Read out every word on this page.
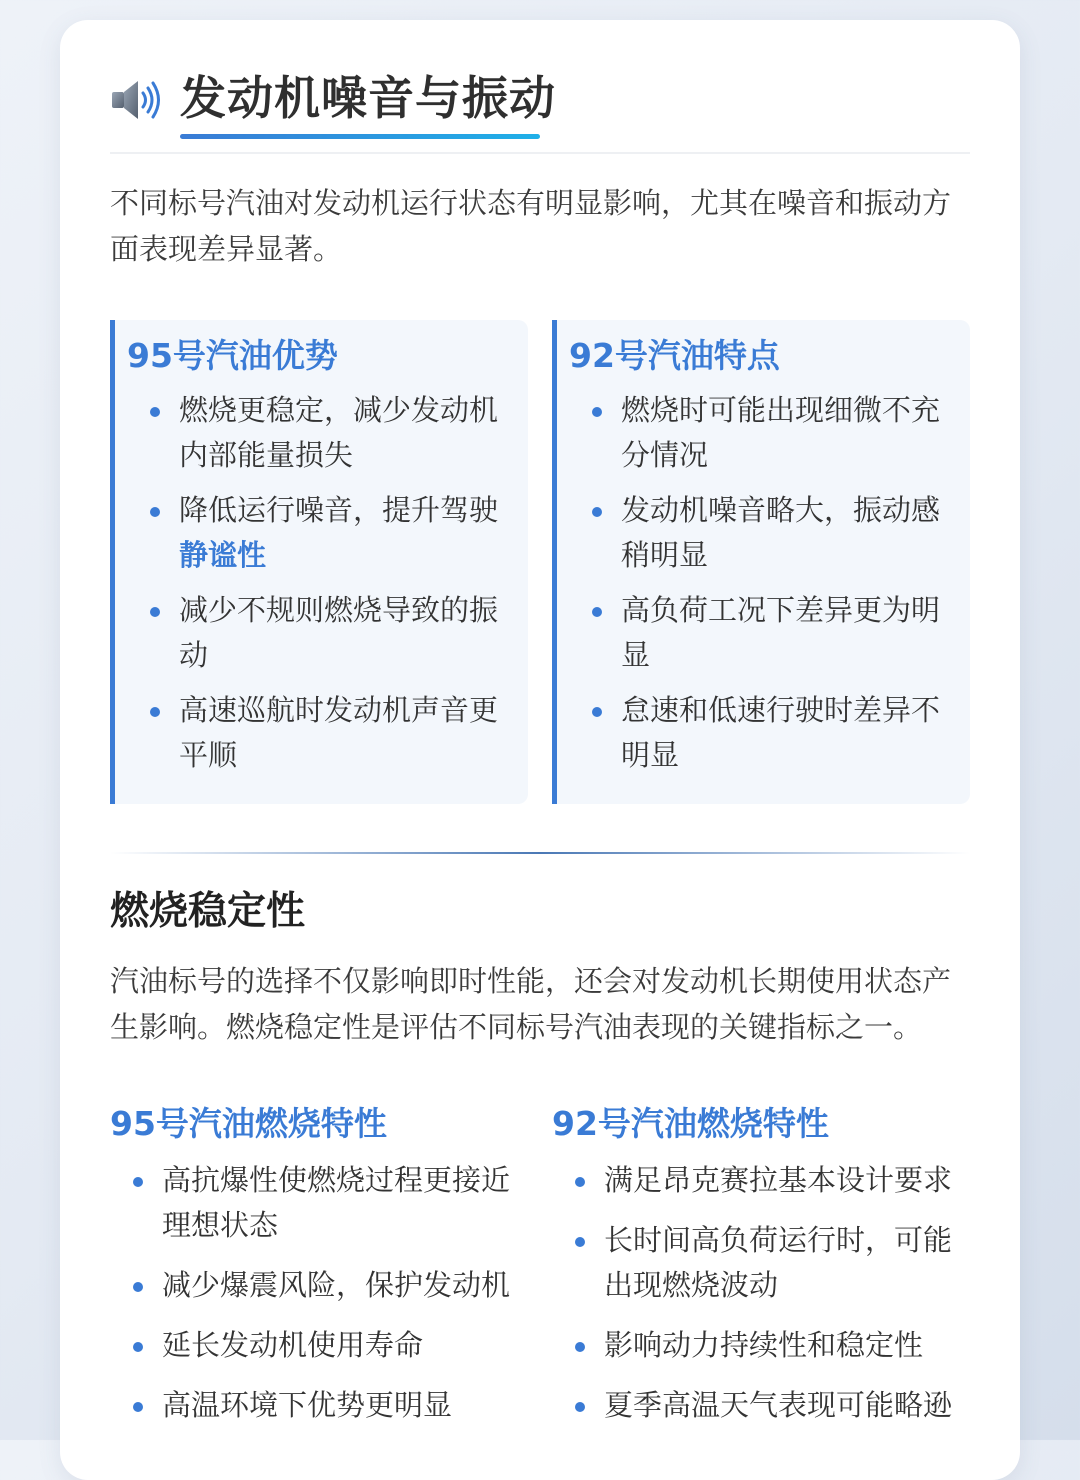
发动机噪音与振动

不同标号汽油对发动机运行状态有明显影响，尤其在噪音和振动方面表现差异显著。

95号汽油优势
燃烧更稳定，减少发动机内部能量损失
降低运行噪音，提升驾驶静谧性
减少不规则燃烧导致的振动
高速巡航时发动机声音更平顺
92号汽油特点
燃烧时可能出现细微不充分情况
发动机噪音略大，振动感稍明显
高负荷工况下差异更为明显
怠速和低速行驶时差异不明显
燃烧稳定性

汽油标号的选择不仅影响即时性能，还会对发动机长期使用状态产生影响。燃烧稳定性是评估不同标号汽油表现的关键指标之一。

95号汽油燃烧特性
高抗爆性使燃烧过程更接近理想状态
减少爆震风险，保护发动机
延长发动机使用寿命
高温环境下优势更明显
92号汽油燃烧特性
满足昂克赛拉基本设计要求
长时间高负荷运行时，可能出现燃烧波动
影响动力持续性和稳定性
夏季高温天气表现可能略逊
